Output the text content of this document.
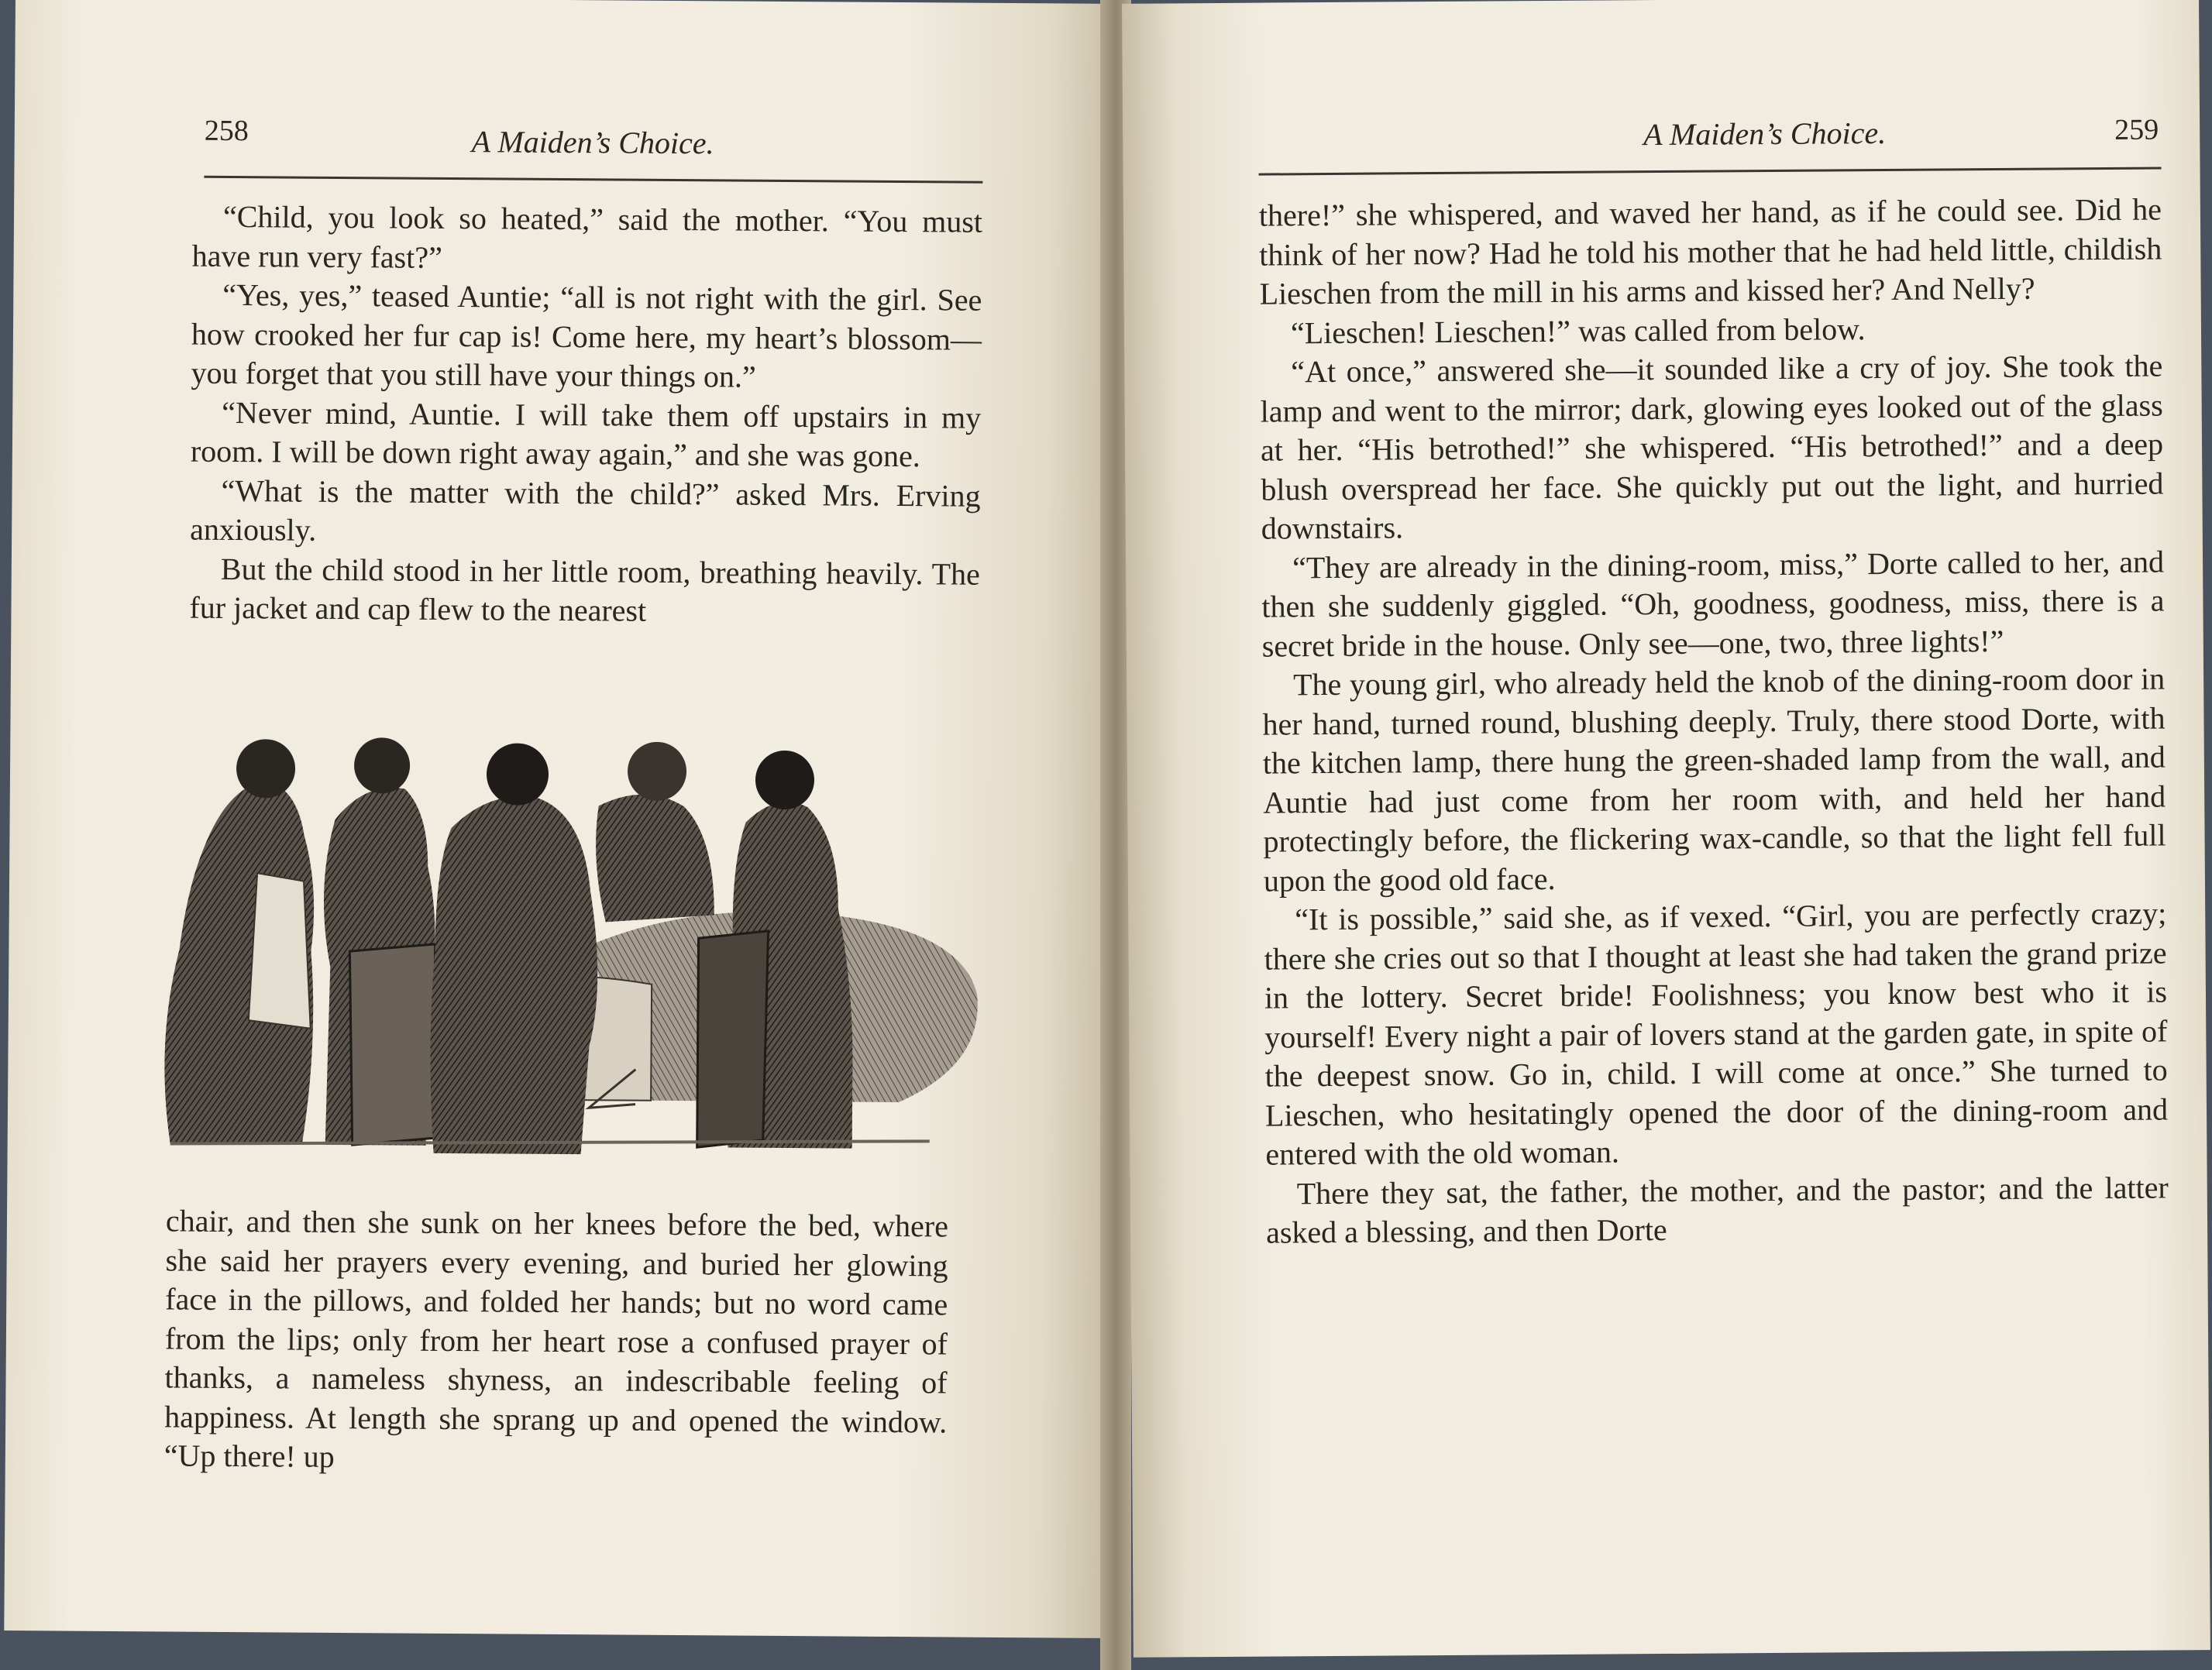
258	A Maiden’s Choice.

“Child, you look so heated,” said the mother. “You must have run very fast?”

“Yes, yes,” teased Auntie; “all is not right with the girl. See how crooked her fur cap is! Come here, my heart’s blossom—you forget that you still have your things on.”

“Never mind, Auntie. I will take them off upstairs in my room. I will be down right away again,” and she was gone.

“What is the matter with the child?” asked Mrs. Erving anxiously.

But the child stood in her little room, breathing heavily. The fur jacket and cap flew to the nearest

chair, and then she sunk on her knees before the bed, where she said her prayers every evening, and buried her glowing face in the pillows, and folded her hands; but no word came from the lips; only from her heart rose a confused prayer of thanks, a nameless shyness, an indescribable feeling of happiness. At length she sprang up and opened the window. “Up there! up

A Maiden’s Choice.	259

there!” she whispered, and waved her hand, as if he could see. Did he think of her now? Had he told his mother that he had held little, childish Lieschen from the mill in his arms and kissed her? And Nelly?

“Lieschen! Lieschen!” was called from below.

“At once,” answered she—it sounded like a cry of joy. She took the lamp and went to the mirror; dark, glowing eyes looked out of the glass at her. “His betrothed!” she whispered. “His betrothed!” and a deep blush overspread her face. She quickly put out the light, and hurried downstairs.

“They are already in the dining-room, miss,” Dorte called to her, and then she suddenly giggled. “Oh, goodness, goodness, miss, there is a secret bride in the house. Only see—one, two, three lights!”

The young girl, who already held the knob of the dining-room door in her hand, turned round, blushing deeply. Truly, there stood Dorte, with the kitchen lamp, there hung the green-shaded lamp from the wall, and Auntie had just come from her room with, and held her hand protectingly before, the flickering wax-candle, so that the light fell full upon the good old face.

“It is possible,” said she, as if vexed. “Girl, you are perfectly crazy; there she cries out so that I thought at least she had taken the grand prize in the lottery. Secret bride! Foolishness; you know best who it is yourself! Every night a pair of lovers stand at the garden gate, in spite of the deepest snow. Go in, child. I will come at once.” She turned to Lieschen, who hesitatingly opened the door of the dining-room and entered with the old woman.

There they sat, the father, the mother, and the pastor; and the latter asked a blessing, and then Dorte
